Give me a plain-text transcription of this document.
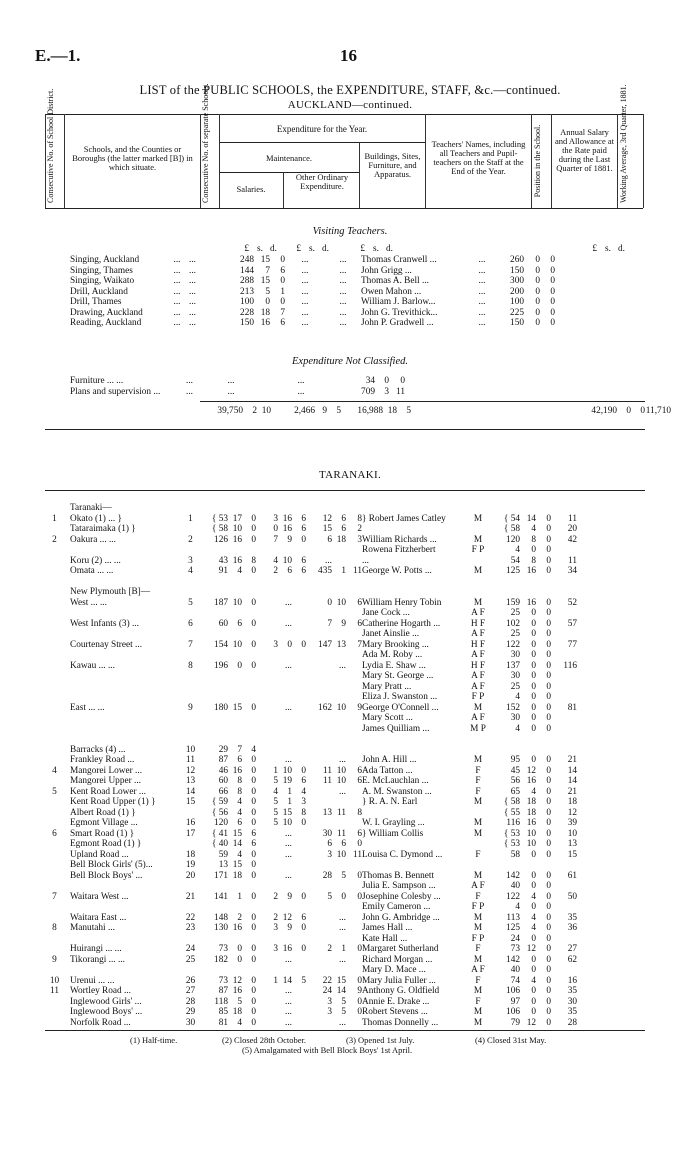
E.—1.	16
LIST of the PUBLIC SCHOOLS, the EXPENDITURE, STAFF, &c.—continued.
AUCKLAND—continued.
Consecutive No. of School District.	Schools, and the Counties or Boroughs (the latter marked [B]) in which situate.	Consecutive No. of separate Schools.	Expenditure for the Year.
Maintenance.
Salaries.
Other Ordinary Expenditure.
Buildings, Sites, Furniture, and Apparatus.
Teachers' Names, including all Teachers and Pupil-teachers on the Staff at the End of the Year.	Position in the School.	Annual Salary and Allowance at the Rate paid during the Last Quarter of 1881. Working Average, 3rd Quarter, 1881.
Visiting Teachers.
£	s.	d.	£	s.	d.	£	s.	d.	£	s.	d.
Singing, Auckland	...	...	248	15	0	...	...	Thomas Cranwell ...	...	260	0	0
Singing, Thames	...	...	144	7	6	...	...	John Grigg ...	...	150	0	0
Singing, Waikato	...	...	288	15	0	...	...	Thomas A. Bell ...	...	300	0	0
Drill, Auckland	...	...	213	5	1	...	...	Owen Mahon ...	...	200	0	0
Drill, Thames	...	...	100	0	0	...	...	William J. Barlow...	...	100	0	0
Drawing, Auckland	...	...	228	18	7	...	...	John G. Trevithick...	...	225	0	0
Reading, Auckland	...	...	150	16	6	...	...	John P. Gradwell ...	...	150	0	0
Expenditure Not Classified.
Furniture ... ...	...	...	...	34	0	0
Plans and supervision ...	...	...	...	709	3	11
39,750	2	10	2,466	9	5	16,988	18	5	42,190	0	0	11,710
TARANAKI.
	Taranaki—																
1	Okato (1) ... }	1	{ 53	17	0	3	16	6	12	6	8	} Robert James Catley	M	{ 54	14	0	11
	Tataraimaka (1) }		{ 58	10	0	0	16	6	15	6	2			{ 58	4	0	20
2	Oakura ... ...	2	126	16	0	7	9	0	6	18	3	William Richards ...	M	120	8	0	42
												Rowena Fitzherbert	F P	4	0	0	
	Koru (2) ... ...	3	43	16	8	4	10	6	...			...		54	8	0	11
	Omata ... ...	4	91	4	0	2	6	6	435	1	11	George W. Potts ...	M	125	16	0	34

	New Plymouth [B]—																
	West ... ...	5	187	10	0		...		0	10	6	William Henry Tobin	M	159	16	0	52
												Jane Cock ...	A F	25	0	0	
	West Infants (3) ...	6	60	6	0		...		7	9	6	Catherine Hogarth ...	H F	102	0	0	57
												Janet Ainslie ...	A F	25	0	0	
	Courtenay Street ...	7	154	10	0	3	0	0	147	13	7	Mary Brooking ...	H F	122	0	0	77
												Ada M. Roby ...	A F	30	0	0	
	Kawau ... ...	8	196	0	0		...			...		Lydia E. Shaw ...	H F	137	0	0	116
												Mary St. George ...	A F	30	0	0	
												Mary Pratt ...	A F	25	0	0	
												Eliza J. Swanston ...	F P	4	0	0	
	East ... ...	9	180	15	0		...		162	10	9	George O'Connell ...	M	152	0	0	81
												Mary Scott ...	A F	30	0	0	
												James Quilliam ...	M P	4	0	0	

	Barracks (4) ...	10	29	7	4												
	Frankley Road ...	11	87	6	0		...			...		John A. Hill ...	M	95	0	0	21
4	Mangorei Lower ...	12	46	16	0	1	10	0	11	10	6	Ada Tatton ...	F	45	12	0	14
	Mangorei Upper ...	13	60	8	0	5	19	6	11	10	6	E. McLauchlan ...	F	56	16	0	14
5	Kent Road Lower ...	14	66	8	0	4	1	4		...		A. M. Swanston ...	F	65	4	0	21
	Kent Road Upper (1) }	15	{ 59	4	0	5	1	3				} R. A. N. Earl	M	{ 58	18	0	18
	Albert Road (1) }		{ 56	4	0	5	15	8	13	11	8			{ 55	18	0	12
	Egmont Village ...	16	120	6	0	5	10	0				W. I. Grayling ...	M	116	16	0	39
6	Smart Road (1) }	17	{ 41	15	6		...		30	11	6	} William Collis	M	{ 53	10	0	10
	Egmont Road (1) }		{ 40	14	6		...		6	6	0			{ 53	10	0	13
	Upland Road ...	18	59	4	0		...		3	10	11	Louisa C. Dymond ...	F	58	0	0	15
	Bell Block Girls' (5)...	19	13	15	0												
	Bell Block Boys' ...	20	171	18	0		...		28	5	0	Thomas B. Bennett	M	142	0	0	61
												Julia E. Sampson ...	A F	40	0	0	
7	Waitara West ...	21	141	1	0	2	9	0	5	0	0	Josephine Colesby ...	F	122	4	0	50
												Emily Cameron ...	F P	4	0	0	
	Waitara East ...	22	148	2	0	2	12	6		...		John G. Ambridge ...	M	113	4	0	35
8	Manutahi ...	23	130	16	0	3	9	0		...		James Hall ...	M	125	4	0	36
												Kate Hall ...	F P	24	0	0	
	Huirangi ... ...	24	73	0	0	3	16	0	2	1	0	Margaret Sutherland	F	73	12	0	27
9	Tikorangi ... ...	25	182	0	0		...			...		Richard Morgan ...	M	142	0	0	62
												Mary D. Mace ...	A F	40	0	0	
10	Urenui ... ...	26	73	12	0	1	14	5	22	15	0	Mary Julia Fuller ...	F	74	4	0	16
11	Wortley Road ...	27	87	16	0		...		24	14	9	Anthony G. Oldfield	M	106	0	0	35
	Inglewood Girls' ...	28	118	5	0		...		3	5	0	Annie E. Drake ...	F	97	0	0	30
	Inglewood Boys' ...	29	85	18	0		...		3	5	0	Robert Stevens ...	M	106	0	0	35
	Norfolk Road ...	30	81	4	0		...			...		Thomas Donnelly ...	M	79	12	0	28
(1) Half-time.	(2) Closed 28th October.	(3) Opened 1st July.	(4) Closed 31st May.
(5) Amalgamated with Bell Block Boys' 1st April.
